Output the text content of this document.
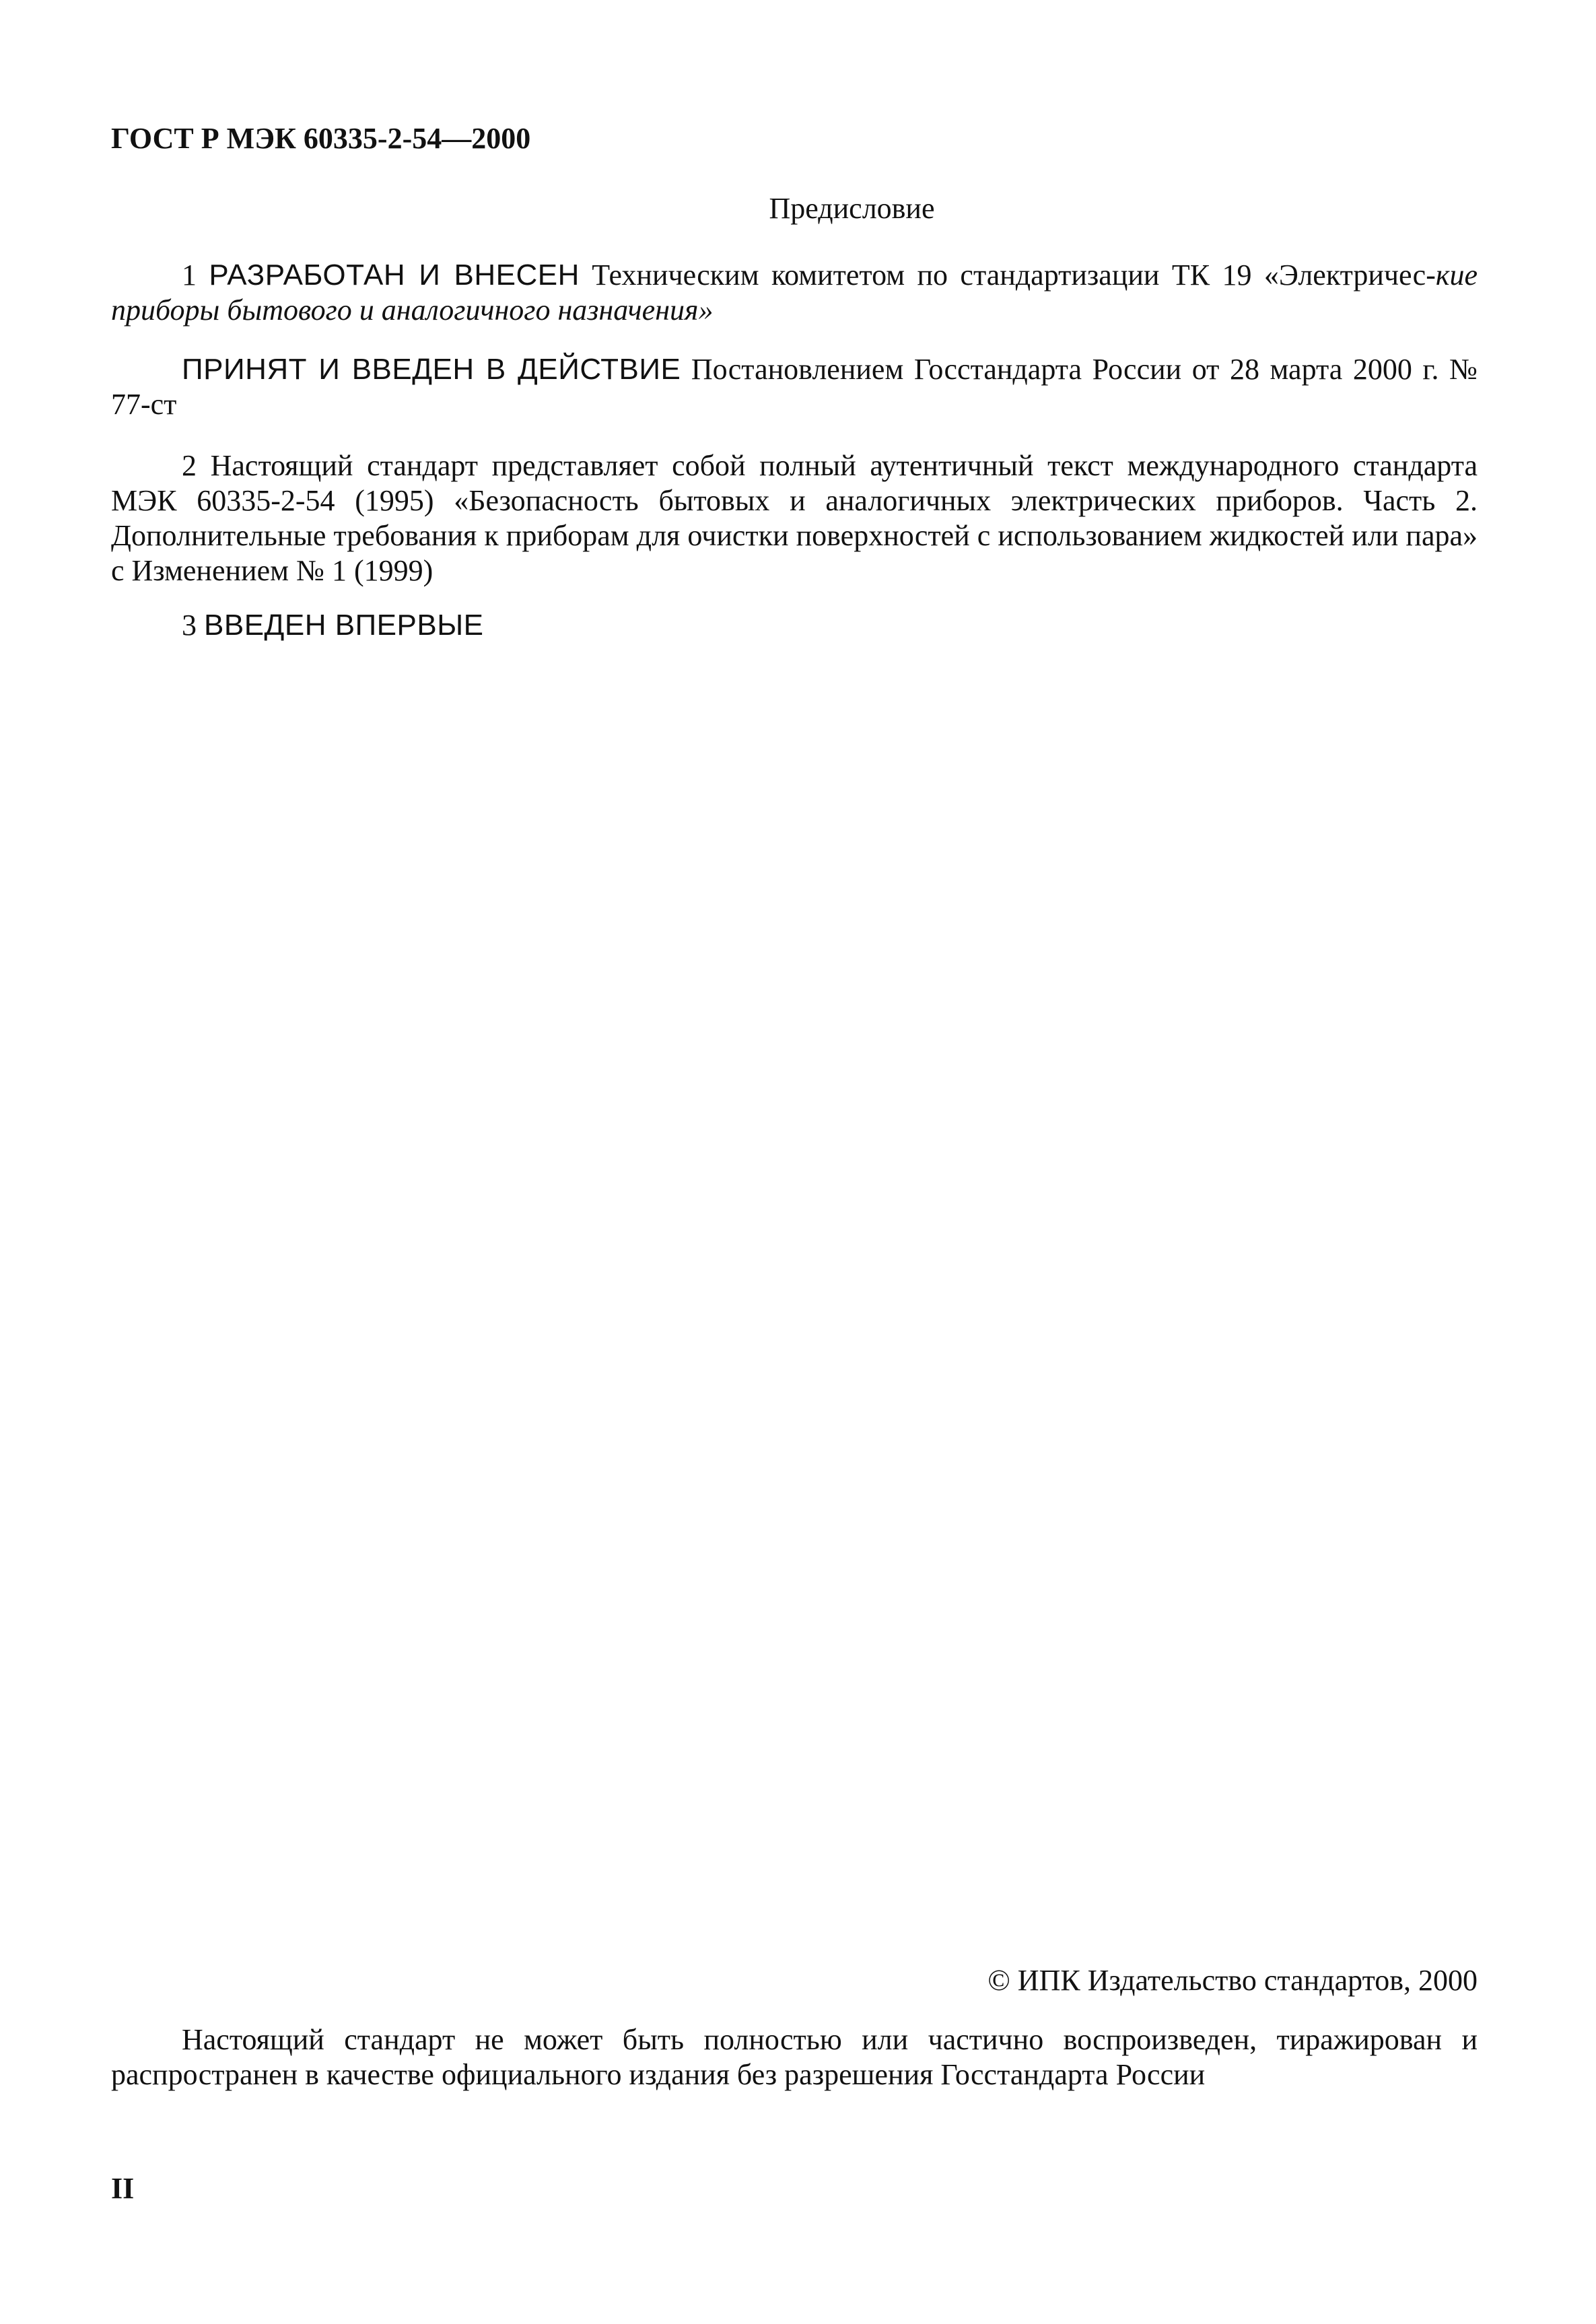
ГОСТ Р МЭК 60335-2-54—2000
Предисловие

1 РАЗРАБОТАН И ВНЕСЕН Техническим комитетом по стандартизации ТК 19 «Электричес-кие приборы бытового и аналогичного назначения»

ПРИНЯТ И ВВЕДЕН В ДЕЙСТВИЕ Постановлением Госстандарта России от 28 марта 2000 г. № 77-ст

2 Настоящий стандарт представляет собой полный аутентичный текст международного стандарта МЭК 60335-2-54 (1995) «Безопасность бытовых и аналогичных электрических приборов. Часть 2. Дополнительные требования к приборам для очистки поверхностей с использованием жидкостей или пара» с Изменением № 1 (1999)

3 ВВЕДЕН ВПЕРВЫЕ

© ИПК Издательство стандартов, 2000

Настоящий стандарт не может быть полностью или частично воспроизведен, тиражирован и распространен в качестве официального издания без разрешения Госстандарта России

II
